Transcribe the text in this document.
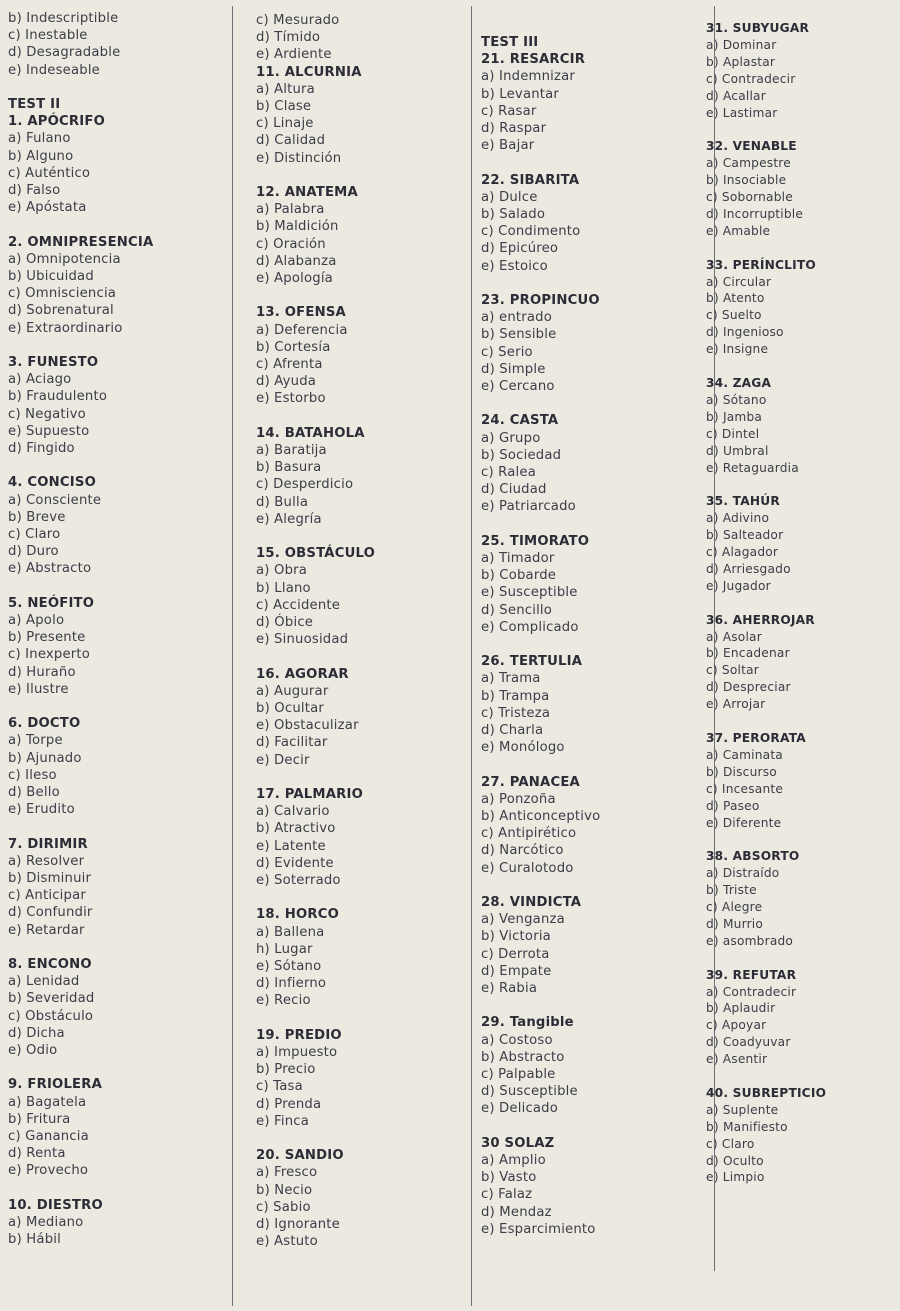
b) Indescriptible
c) Inestable
d) Desagradable
e) Indeseable
TEST II
1. APÓCRIFO
a) Fulano
b) Alguno
c) Auténtico
d) Falso
e) Apóstata
2. OMNIPRESENCIA
a) Omnipotencia
b) Ubicuidad
c) Omnisciencia
d) Sobrenatural
e) Extraordinario
3. FUNESTO
a) Aciago
b) Fraudulento
c) Negativo
e) Supuesto
d) Fingido
4. CONCISO
a) Consciente
b) Breve
c) Claro
d) Duro
e) Abstracto
5. NEÓFITO
a) Apolo
b) Presente
c) Inexperto
d) Huraño
e) Ilustre
6. DOCTO
a) Torpe
b) Ajunado
c) Ileso
d) Bello
e) Erudito
7. DIRIMIR
a) Resolver
b) Disminuir
c) Anticipar
d) Confundir
e) Retardar
8. ENCONO
a) Lenidad
b) Severidad
c) Obstáculo
d) Dicha
e) Odio
9. FRIOLERA
a) Bagatela
b) Fritura
c) Ganancia
d) Renta
e) Provecho
10. DIESTRO
a) Mediano
b) Hábil
c) Mesurado
d) Tímido
e) Ardiente
11. ALCURNIA
a) Altura
b) Clase
c) Linaje
d) Calidad
e) Distinción
12. ANATEMA
a) Palabra
b) Maldición
c) Oración
d) Alabanza
e) Apología
13. OFENSA
a) Deferencia
b) Cortesía
c) Afrenta
d) Ayuda
e) Estorbo
14. BATAHOLA
a) Baratija
b) Basura
c) Desperdicio
d) Bulla
e) Alegría
15. OBSTÁCULO
a) Obra
b) Llano
c) Accidente
d) Óbice
e) Sinuosidad
16. AGORAR
a) Augurar
b) Ocultar
e) Obstaculizar
d) Facilitar
e) Decir
17. PALMARIO
a) Calvario
b) Atractivo
e) Latente
d) Evidente
e) Soterrado
18. HORCO
a) Ballena
h) Lugar
e) Sótano
d) Infierno
e) Recio
19. PREDIO
a) Impuesto
b) Precio
c) Tasa
d) Prenda
e) Finca
20. SANDIO
a) Fresco
b) Necio
c) Sabio
d) Ignorante
e) Astuto
TEST III
21. RESARCIR
a) Indemnizar
b) Levantar
c) Rasar
d) Raspar
e) Bajar
22. SIBARITA
a) Dulce
b) Salado
c) Condimento
d) Epicúreo
e) Estoico
23. PROPINCUO
a) entrado
b) Sensible
c) Serio
d) Simple
e) Cercano
24. CASTA
a) Grupo
b) Sociedad
c) Ralea
d) Ciudad
e) Patriarcado
25. TIMORATO
a) Timador
b) Cobarde
e) Susceptible
d) Sencillo
e) Complicado
26. TERTULIA
a) Trama
b) Trampa
c) Tristeza
d) Charla
e) Monólogo
27. PANACEA
a) Ponzoña
b) Anticonceptivo
c) Antipirético
d) Narcótico
e) Curalotodo
28. VINDICTA
a) Venganza
b) Victoria
c) Derrota
d) Empate
e) Rabia
29. Tangible
a) Costoso
b) Abstracto
c) Palpable
d) Susceptible
e) Delicado
30 SOLAZ
a) Amplio
b) Vasto
c) Falaz
d) Mendaz
e) Esparcimiento
31. SUBYUGAR
a) Dominar
b) Aplastar
c) Contradecir
d) Acallar
e) Lastimar
32. VENABLE
a) Campestre
b) Insociable
c) Sobornable
d) Incorruptible
e) Amable
33. PERÍNCLITO
a) Circular
b) Atento
c) Suelto
d) Ingenioso
e) Insigne
34. ZAGA
a) Sótano
b) Jamba
c) Dintel
d) Umbral
e) Retaguardia
35. TAHÚR
a) Adivino
b) Salteador
c) Alagador
d) Arriesgado
e) Jugador
36. AHERROJAR
a) Asolar
b) Encadenar
c) Soltar
d) Despreciar
e) Arrojar
37. PERORATA
a) Caminata
b) Discurso
c) Incesante
d) Paseo
e) Diferente
38. ABSORTO
a) Distraído
b) Triste
c) Alegre
d) Murrio
e) asombrado
39. REFUTAR
a) Contradecir
b) Aplaudir
c) Apoyar
d) Coadyuvar
e) Asentir
40. SUBREPTICIO
a) Suplente
b) Manifiesto
c) Claro
d) Oculto
e) Limpio
